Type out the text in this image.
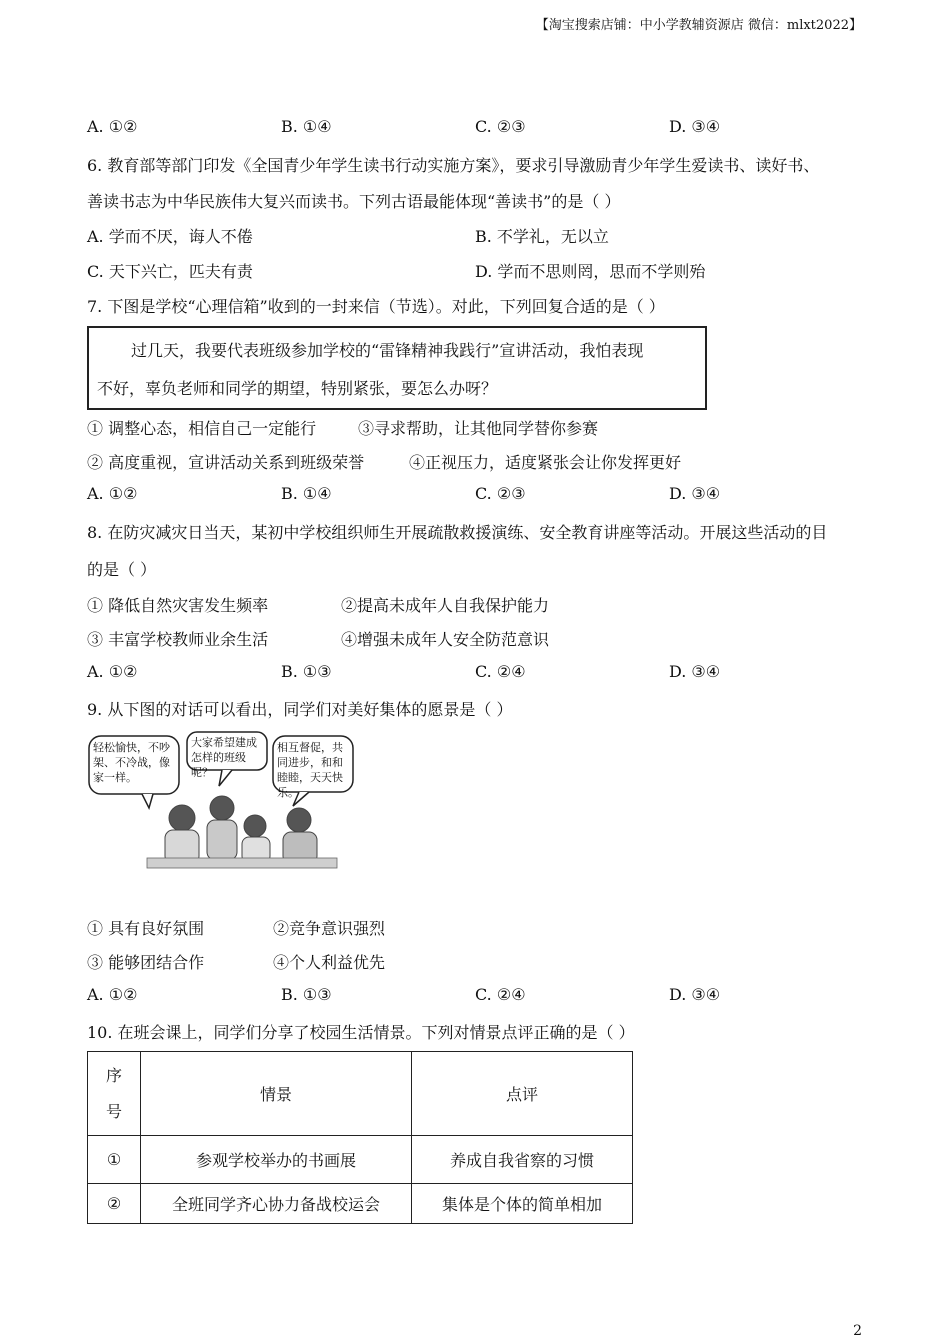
【淘宝搜索店铺：中小学教辅资源店 微信：mlxt2022】
A. ①②	B. ①④	C. ②③	D. ③④
6. 教育部等部门印发《全国青少年学生读书行动实施方案》，要求引导激励青少年学生爱读书、读好书、
善读书志为中华民族伟大复兴而读书。下列古语最能体现“善读书”的是（ ）
A. 学而不厌，诲人不倦	B. 不学礼，无以立
C. 天下兴亡，匹夫有责	D. 学而不思则罔，思而不学则殆
7. 下图是学校“心理信箱”收到的一封来信（节选）。对此，下列回复合适的是（ ）
过几天，我要代表班级参加学校的“雷锋精神我践行”宣讲活动，我怕表现
不好，辜负老师和同学的期望，特别紧张，要怎么办呀？
① 调整心态，相信自己一定能行	③寻求帮助，让其他同学替你参赛
② 高度重视，宣讲活动关系到班级荣誉	④正视压力，适度紧张会让你发挥更好
A. ①②	B. ①④	C. ②③	D. ③④
8. 在防灾减灾日当天，某初中学校组织师生开展疏散救援演练、安全教育讲座等活动。开展这些活动的目
的是（ ）
① 降低自然灾害发生频率	②提高未成年人自我保护能力
③ 丰富学校教师业余生活	④增强未成年人安全防范意识
A. ①②	B. ①③	C. ②④	D. ③④
9. 从下图的对话可以看出，同学们对美好集体的愿景是（ ）
轻松愉快，不吵架、不冷战，像家一样。
大家希望建成怎样的班级呢？
相互督促，共同进步，和和睦睦，天天快乐。
① 具有良好氛围	②竞争意识强烈
③ 能够团结合作	④个人利益优先
A. ①②	B. ①③	C. ②④	D. ③④
10. 在班会课上，同学们分享了校园生活情景。下列对情景点评正确的是（ ）
序
号	情景	点评
①	参观学校举办的书画展	养成自我省察的习惯
②	全班同学齐心协力备战校运会	集体是个体的简单相加
2
